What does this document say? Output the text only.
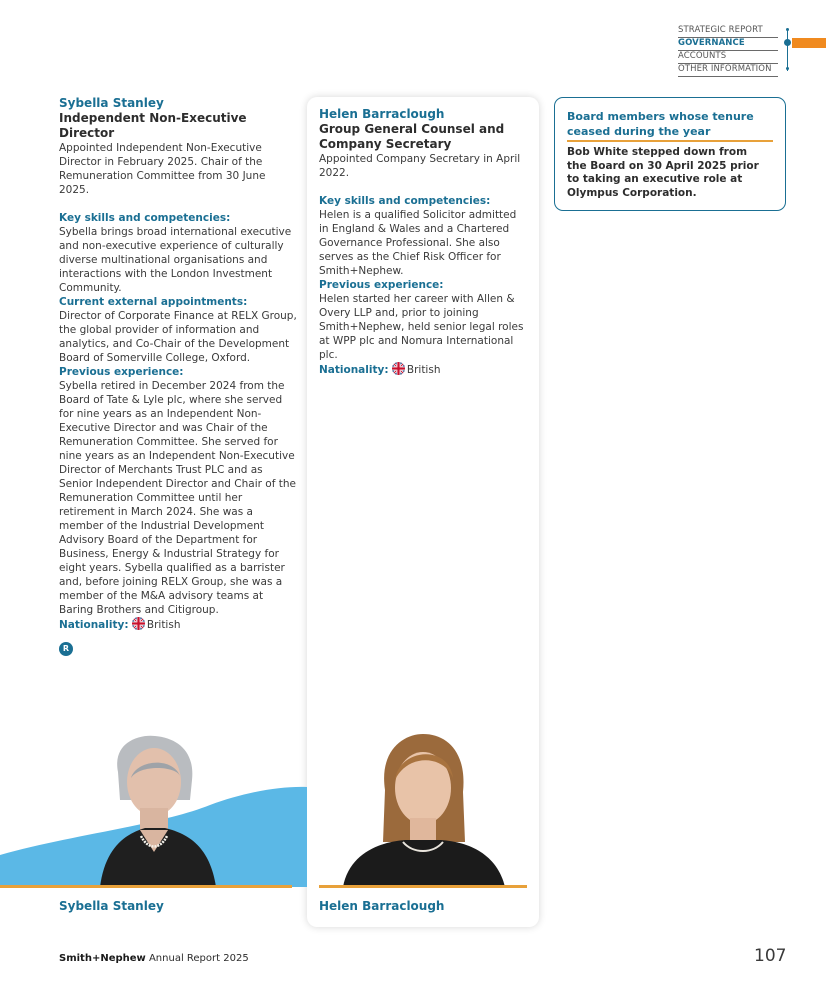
STRATEGIC REPORT
GOVERNANCE
ACCOUNTS
OTHER INFORMATION
Sybella Stanley
Independent Non-Executive Director
Appointed Independent Non-Executive Director in February 2025. Chair of the Remuneration Committee from 30 June 2025.
Key skills and competencies:
Sybella brings broad international executive and non-executive experience of culturally diverse multinational organisations and interactions with the London Investment Community.
Current external appointments:
Director of Corporate Finance at RELX Group, the global provider of information and analytics, and Co-Chair of the Development Board of Somerville College, Oxford.
Previous experience:
Sybella retired in December 2024 from the Board of Tate & Lyle plc, where she served for nine years as an Independent Non-Executive Director and was Chair of the Remuneration Committee. She served for nine years as an Independent Non-Executive Director of Merchants Trust PLC and as Senior Independent Director and Chair of the Remuneration Committee until her retirement in March 2024. She was a member of the Industrial Development Advisory Board of the Department for Business, Energy & Industrial Strategy for eight years. Sybella qualified as a barrister and, before joining RELX Group, she was a member of the M&A advisory teams at Baring Brothers and Citigroup.
Nationality: British
R
Helen Barraclough
Group General Counsel and Company Secretary
Appointed Company Secretary in April 2022.
Key skills and competencies:
Helen is a qualified Solicitor admitted in England & Wales and a Chartered Governance Professional. She also serves as the Chief Risk Officer for Smith+Nephew.
Previous experience:
Helen started her career with Allen & Overy LLP and, prior to joining Smith+Nephew, held senior legal roles at WPP plc and Nomura International plc.
Nationality: British
Board members whose tenure ceased during the year
Bob White stepped down from the Board on 30 April 2025 prior to taking an executive role at Olympus Corporation.
Sybella Stanley	Helen Barraclough
Smith+Nephew Annual Report 2025	107
